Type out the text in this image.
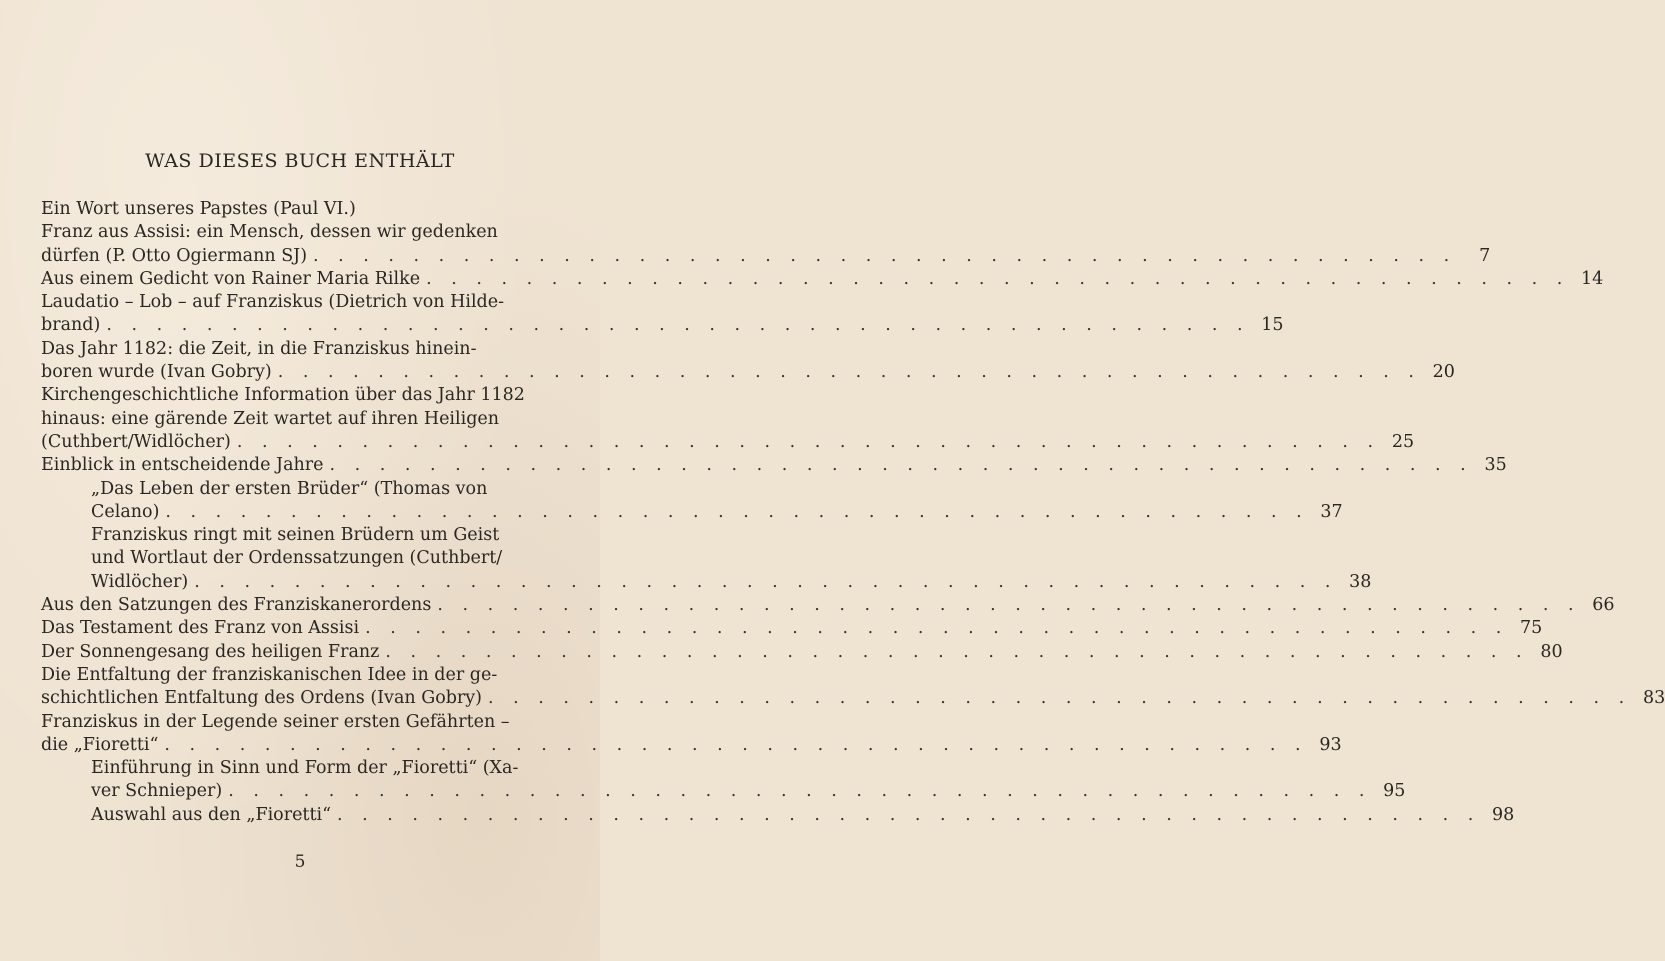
WAS DIESES BUCH ENTHÄLT
Ein Wort unseres Papstes (Paul VI.)
Franz aus Assisi: ein Mensch, dessen wir gedenken
dürfen (P. Otto Ogiermann SJ) . . . . . . . . . . . . . . . . . . . . . . . . . . . . . . . . . . . . . . . . . . . . . .	7
Aus einem Gedicht von Rainer Maria Rilke . . . . . . . . . . . . . . . . . . . . . . . . . . . . . . . . . . . . . . . . . . . . . . 14
Laudatio – Lob – auf Franziskus (Dietrich von Hilde-
brand) . . . . . . . . . . . . . . . . . . . . . . . . . . . . . . . . . . . . . . . . . . . . . . 15
Das Jahr 1182: die Zeit, in die Franziskus hinein-
boren wurde (Ivan Gobry) . . . . . . . . . . . . . . . . . . . . . . . . . . . . . . . . . . . . . . . . . . . . . . 20
Kirchengeschichtliche Information über das Jahr 1182
hinaus: eine gärende Zeit wartet auf ihren Heiligen
(Cuthbert/Widlöcher) . . . . . . . . . . . . . . . . . . . . . . . . . . . . . . . . . . . . . . . . . . . . . . 25
Einblick in entscheidende Jahre . . . . . . . . . . . . . . . . . . . . . . . . . . . . . . . . . . . . . . . . . . . . . . 35
„Das Leben der ersten Brüder“ (Thomas von
Celano) . . . . . . . . . . . . . . . . . . . . . . . . . . . . . . . . . . . . . . . . . . . . . . 37
Franziskus ringt mit seinen Brüdern um Geist
und Wortlaut der Ordenssatzungen (Cuthbert/
Widlöcher) . . . . . . . . . . . . . . . . . . . . . . . . . . . . . . . . . . . . . . . . . . . . . . 38
Aus den Satzungen des Franziskanerordens . . . . . . . . . . . . . . . . . . . . . . . . . . . . . . . . . . . . . . . . . . . . . . 66
Das Testament des Franz von Assisi . . . . . . . . . . . . . . . . . . . . . . . . . . . . . . . . . . . . . . . . . . . . . . 75
Der Sonnengesang des heiligen Franz . . . . . . . . . . . . . . . . . . . . . . . . . . . . . . . . . . . . . . . . . . . . . . 80
Die Entfaltung der franziskanischen Idee in der ge-
schichtlichen Entfaltung des Ordens (Ivan Gobry) . . . . . . . . . . . . . . . . . . . . . . . . . . . . . . . . . . . . . . . . . . . . . . 83
Franziskus in der Legende seiner ersten Gefährten –
die „Fioretti“ . . . . . . . . . . . . . . . . . . . . . . . . . . . . . . . . . . . . . . . . . . . . . . 93
Einführung in Sinn und Form der „Fioretti“ (Xa-
ver Schnieper) . . . . . . . . . . . . . . . . . . . . . . . . . . . . . . . . . . . . . . . . . . . . . . 95
Auswahl aus den „Fioretti“ . . . . . . . . . . . . . . . . . . . . . . . . . . . . . . . . . . . . . . . . . . . . . . 98
5
